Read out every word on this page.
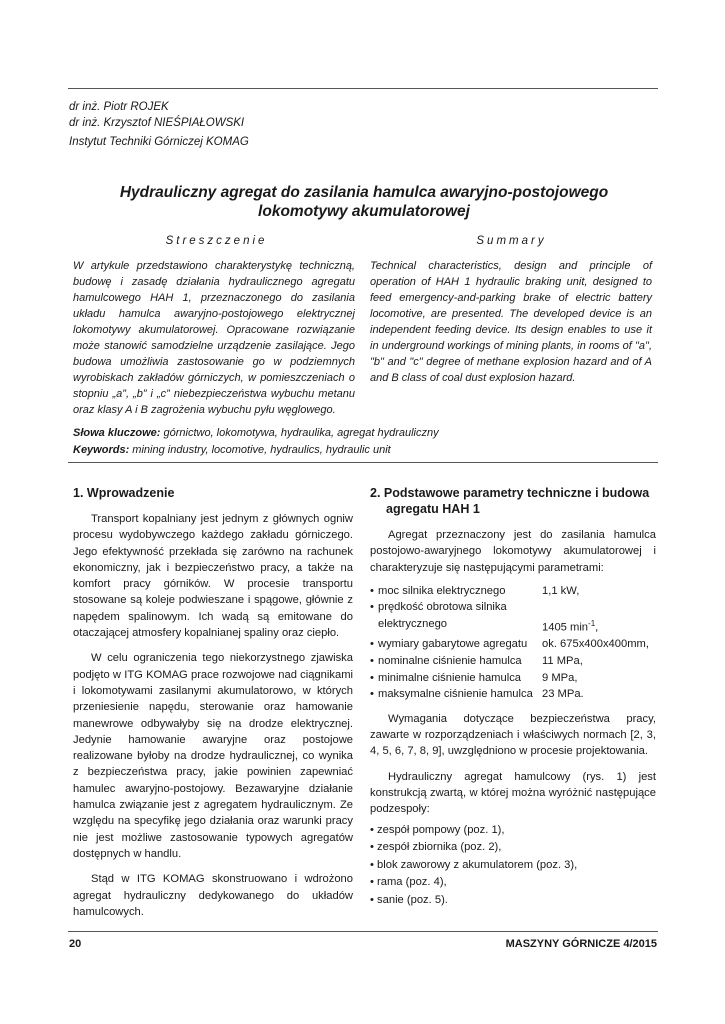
dr inż. Piotr ROJEK
dr inż. Krzysztof NIEŚPIAŁOWSKI
Instytut Techniki Górniczej KOMAG
Hydrauliczny agregat do zasilania hamulca awaryjno-postojowego
lokomotywy akumulatorowej
Streszczenie	Summary
W artykule przedstawiono charakterystykę techniczną, budowę i zasadę działania hydraulicznego agregatu hamulcowego HAH 1, przeznaczonego do zasilania układu hamulca awaryjno-postojowego elektrycznej lokomotywy akumulatorowej. Opracowane rozwiązanie może stanowić samodzielne urządzenie zasilające. Jego budowa umożliwia zastosowanie go w podziemnych wyrobiskach zakładów górniczych, w pomieszczeniach o stopniu „a”, „b” i „c” niebezpieczeństwa wybuchu metanu oraz klasy A i B zagrożenia wybuchu pyłu węglowego.
Technical characteristics, design and principle of operation of HAH 1 hydraulic braking unit, designed to feed emergency-and-parking brake of electric battery locomotive, are presented. The developed device is an independent feeding device. Its design enables to use it in underground workings of mining plants, in rooms of "a", "b" and "c" degree of methane explosion hazard and of A and B class of coal dust explosion hazard.
Słowa kluczowe: górnictwo, lokomotywa, hydraulika, agregat hydrauliczny
Keywords: mining industry, locomotive, hydraulics, hydraulic unit
1. Wprowadzenie

Transport kopalniany jest jednym z głównych ogniw procesu wydobywczego każdego zakładu górniczego. Jego efektywność przekłada się zarówno na rachunek ekonomiczny, jak i bezpieczeństwo pracy, a także na komfort pracy górników. W procesie transportu stosowane są koleje podwieszane i spągowe, głównie z napędem spalinowym. Ich wadą są emitowane do otaczającej atmosfery kopalnianej spaliny oraz ciepło.

W celu ograniczenia tego niekorzystnego zjawiska podjęto w ITG KOMAG prace rozwojowe nad ciągnikami i lokomotywami zasilanymi akumulatorowo, w których przeniesienie napędu, sterowanie oraz hamowanie manewrowe odbywałyby się na drodze elektrycznej. Jedynie hamowanie awaryjne oraz postojowe realizowane byłoby na drodze hydraulicznej, co wynika z bezpieczeństwa pracy, jakie powinien zapewniać hamulec awaryjno-postojowy. Bezawaryjne działanie hamulca związanie jest z agregatem hydraulicznym. Ze względu na specyfikę jego działania oraz warunki pracy nie jest możliwe zastosowanie typowych agregatów dostępnych w handlu.

Stąd w ITG KOMAG skonstruowano i wdrożono agregat hydrauliczny dedykowanego do układów hamulcowych.

2. Podstawowe parametry techniczne i budowa
agregatu HAH 1

Agregat przeznaczony jest do zasilania hamulca postojowo-awaryjnego lokomotywy akumulatorowej i charakteryzuje się następującymi parametrami:

• moc silnika elektrycznego	1,1 kW,
• prędkość obrotowa silnika
elektrycznego	1405 $\min^{-1}$,
• wymiary gabarytowe agregatu	ok. 675x400x400mm,
• nominalne ciśnienie hamulca	11 MPa,
• minimalne ciśnienie hamulca	9 MPa,
• maksymalne ciśnienie hamulca 23 MPa.

Wymagania dotyczące bezpieczeństwa pracy, zawarte w rozporządzeniach i właściwych normach [2, 3, 4, 5, 6, 7, 8, 9], uwzględniono w procesie projektowania.

Hydrauliczny agregat hamulcowy (rys. 1) jest konstrukcją zwartą, w której można wyróżnić następujące podzespoły:

• zespół pompowy (poz. 1),
• zespół zbiornika (poz. 2),
• blok zaworowy z akumulatorem (poz. 3),
• rama (poz. 4),
• sanie (poz. 5).
20	MASZYNY GÓRNICZE 4/2015
